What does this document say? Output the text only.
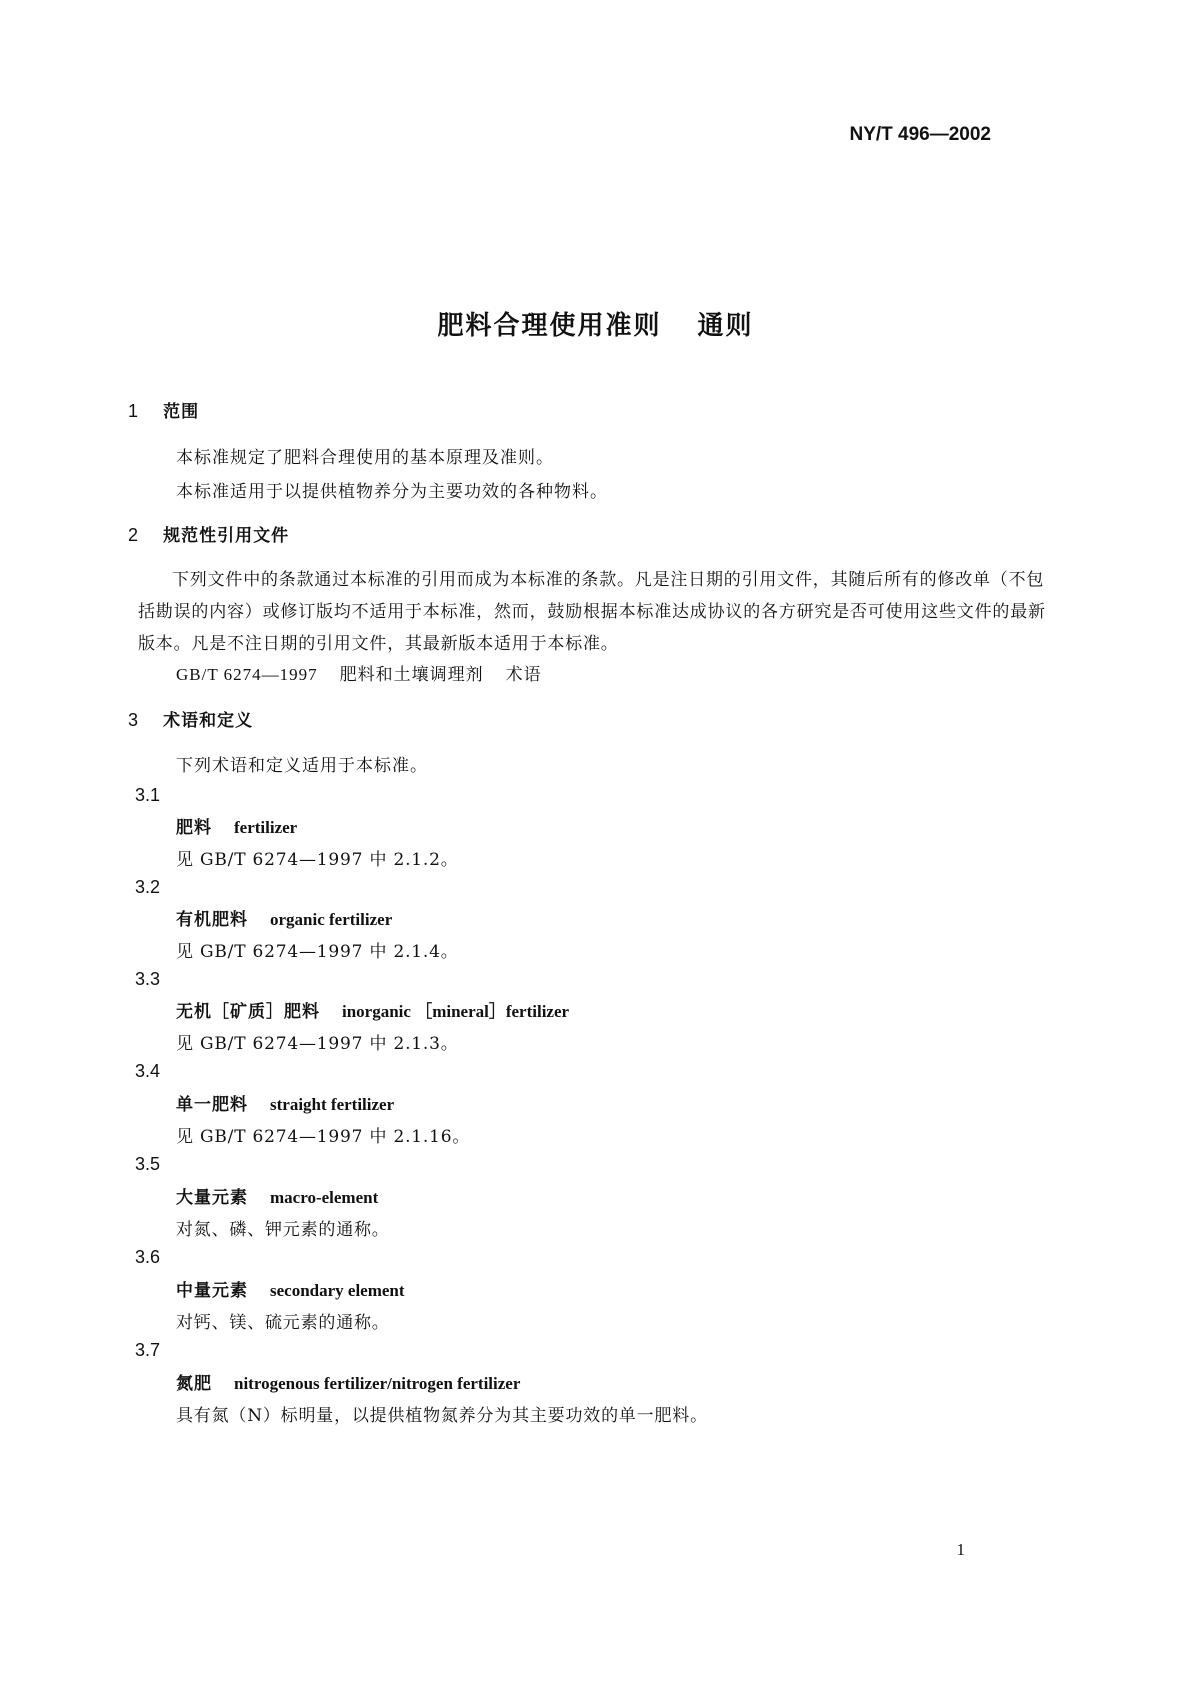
NY/T 496—2002
肥料合理使用准则 通则
1 范围
本标准规定了肥料合理使用的基本原理及准则。
本标准适用于以提供植物养分为主要功效的各种物料。
2 规范性引用文件

下列文件中的条款通过本标准的引用而成为本标准的条款。凡是注日期的引用文件，其随后所有的修改单（不包括勘误的内容）或修订版均不适用于本标准，然而，鼓励根据本标准达成协议的各方研究是否可使用这些文件的最新版本。凡是不注日期的引用文件，其最新版本适用于本标准。

GB/T 6274—1997 肥料和土壤调理剂 术语
3 术语和定义
下列术语和定义适用于本标准。
3.1
肥料 fertilizer
见 GB/T 6274—1997 中 2.1.2。
3.2
有机肥料 organic fertilizer
见 GB/T 6274—1997 中 2.1.4。
3.3
无机［矿质］肥料 inorganic ［mineral］fertilizer
见 GB/T 6274—1997 中 2.1.3。
3.4
单一肥料 straight fertilizer
见 GB/T 6274—1997 中 2.1.16。
3.5
大量元素 macro-element
对氮、磷、钾元素的通称。
3.6
中量元素 secondary element
对钙、镁、硫元素的通称。
3.7
氮肥 nitrogenous fertilizer/nitrogen fertilizer
具有氮（N）标明量，以提供植物氮养分为其主要功效的单一肥料。
1
